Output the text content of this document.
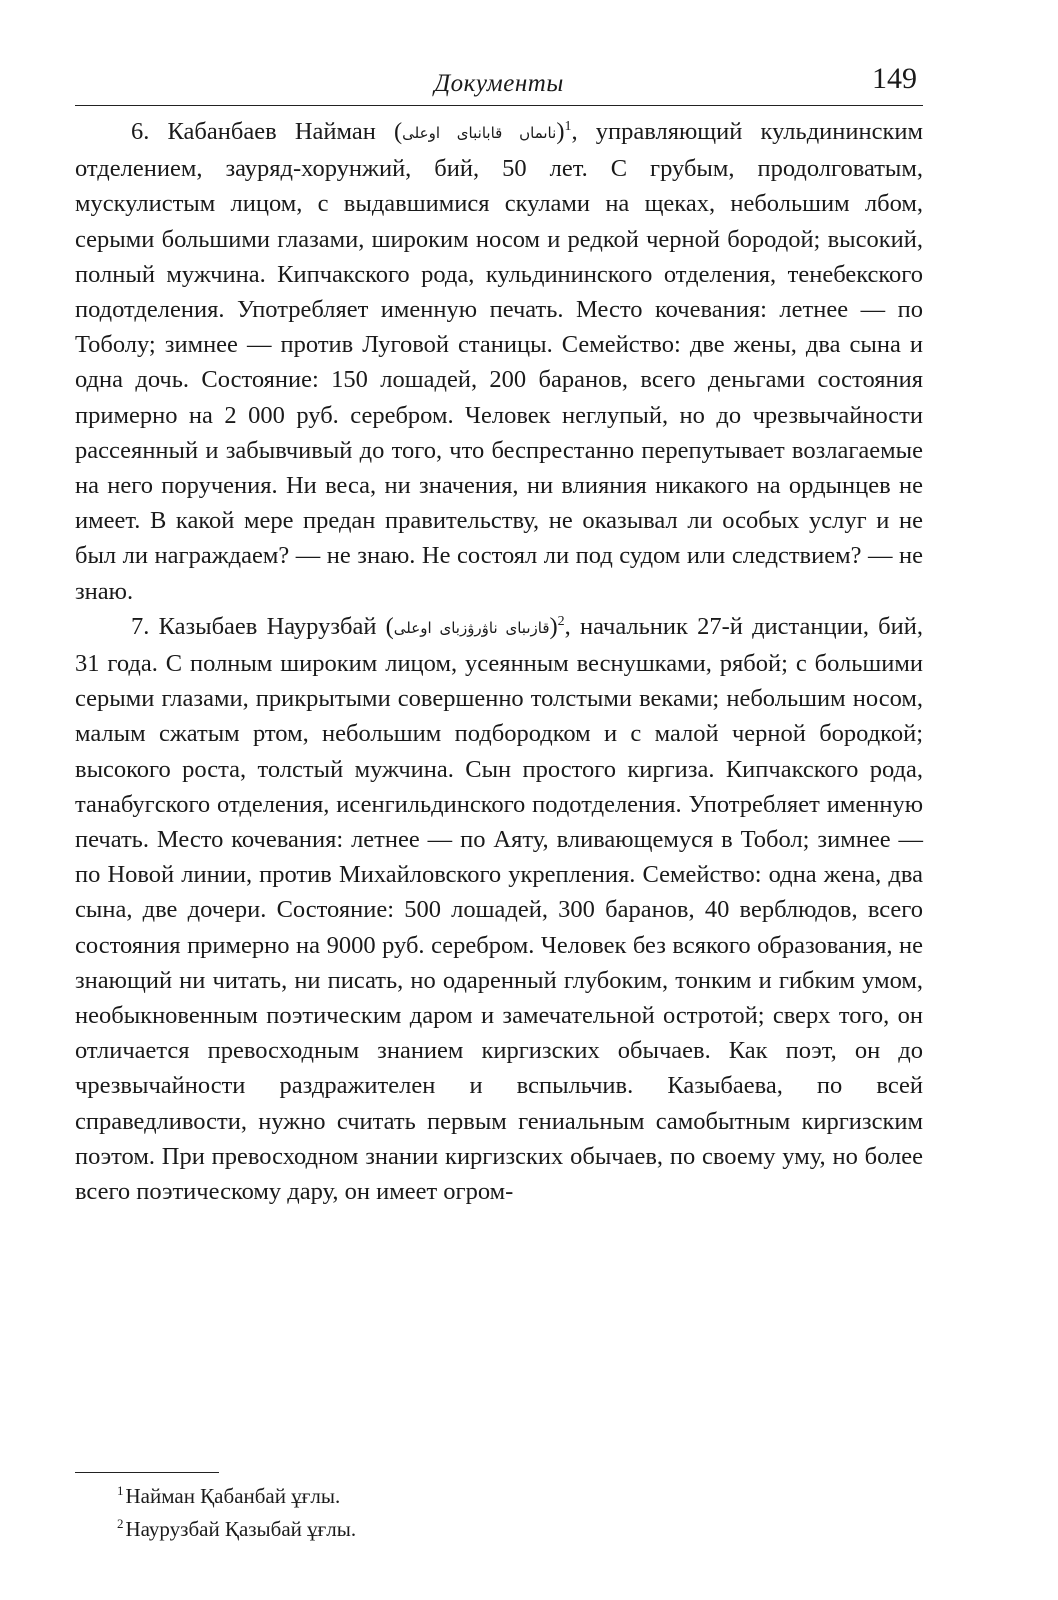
Документы	149

6. Кабанбаев Найман (ناىماں قابانباى اوعلى)$^1$, управляющий кульдининским отделением, зауряд-хорунжий, бий, 50 лет. С грубым, продолговатым, мускулистым лицом, с выдавшимися скулами на щеках, небольшим лбом, серыми большими глазами, широким носом и редкой черной бородой; высокий, полный мужчина. Кипчакского рода, кульдининского отделения, тенебекского подотделения. Употребляет именную печать. Место кочевания: летнее — по Тоболу; зимнее — против Луговой станицы. Семейство: две жены, два сына и одна дочь. Состояние: 150 лошадей, 200 баранов, всего деньгами состояния примерно на 2 000 руб. серебром. Человек неглупый, но до чрезвычайности рассеянный и забывчивый до того, что беспрестанно перепутывает возлагаемые на него поручения. Ни веса, ни значения, ни влияния никакого на ордынцев не имеет. В какой мере предан правительству, не оказывал ли особых услуг и не был ли награждаем? — не знаю. Не состоял ли под судом или следствием? — не знаю.

7. Казыбаев Наурузбай (قازىباى ناۋرۋزباى اوعلى)$^2$, начальник 27-й дистанции, бий, 31 года. С полным широким лицом, усеянным веснушками, рябой; с большими серыми глазами, прикрытыми совершенно толстыми веками; небольшим носом, малым сжатым ртом, небольшим подбородком и с малой черной бородкой; высокого роста, толстый мужчина. Сын простого киргиза. Кипчакского рода, танабугского отделения, исенгильдинского подотделения. Употребляет именную печать. Место кочевания: летнее — по Аяту, вливающемуся в Тобол; зимнее — по Новой линии, против Михайловского укрепления. Семейство: одна жена, два сына, две дочери. Состояние: 500 лошадей, 300 баранов, 40 верблюдов, всего состояния примерно на 9000 руб. серебром. Человек без всякого образования, не знающий ни читать, ни писать, но одаренный глубоким, тонким и гибким умом, необыкновенным поэтическим даром и замечательной остротой; сверх того, он отличается превосходным знанием киргизских обычаев. Как поэт, он до чрезвычайности раздражителен и вспыльчив. Казыбаева, по всей справедливости, нужно считать первым гениальным самобытным киргизским поэтом. При превосходном знании киргизских обычаев, по своему уму, но более всего поэтическому дару, он имеет огром-

$^1$Найман Қабанбай ұғлы.
$^2$Наурузбай Қазыбай ұғлы.
